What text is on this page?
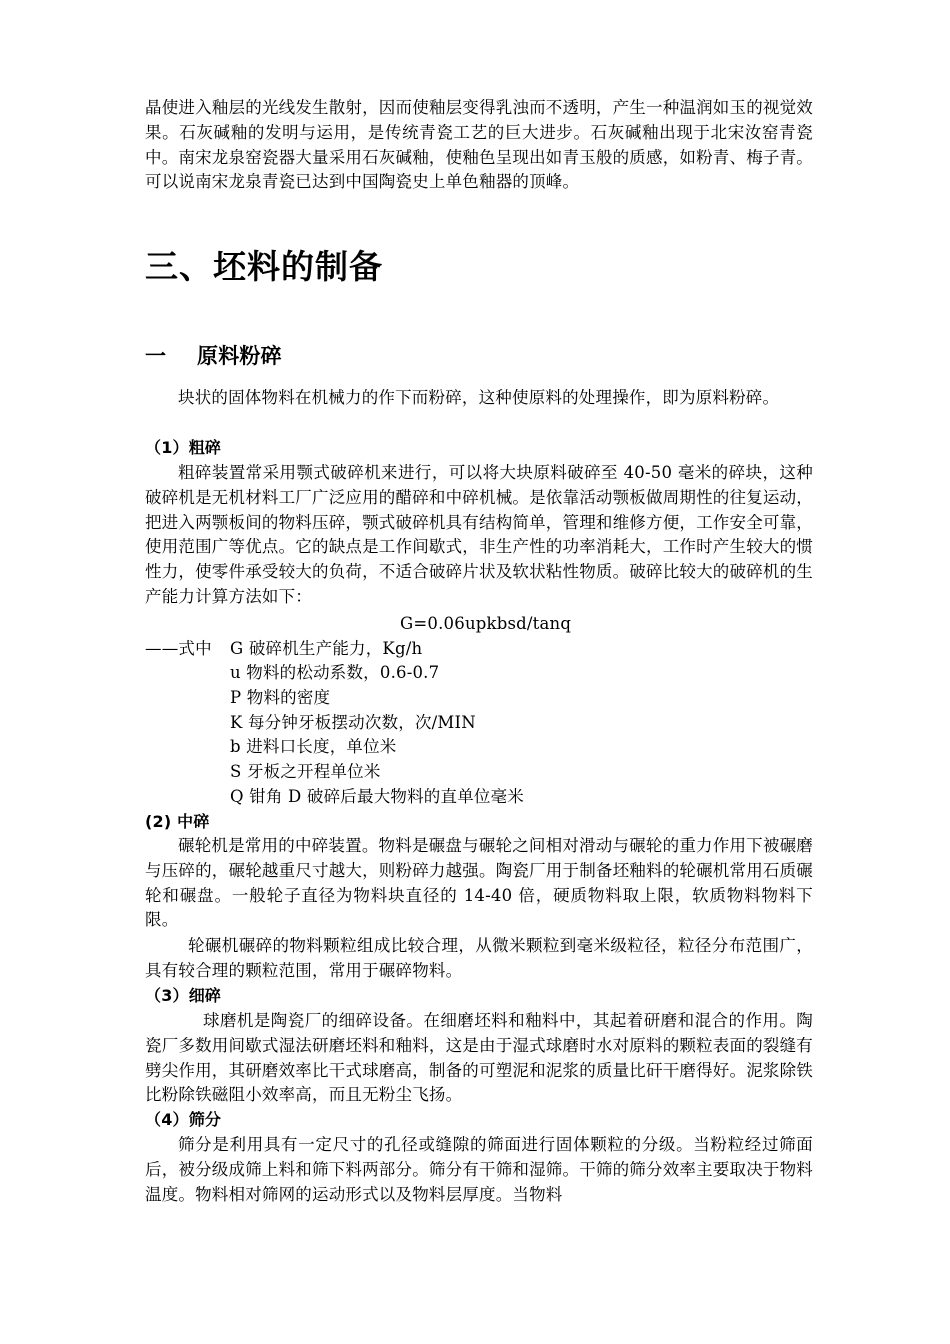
晶使进入釉层的光线发生散射，因而使釉层变得乳浊而不透明，产生一种温润如玉的视觉效果。石灰碱釉的发明与运用，是传统青瓷工艺的巨大进步。石灰碱釉出现于北宋汝窑青瓷中。南宋龙泉窑瓷器大量采用石灰碱釉，使釉色呈现出如青玉般的质感，如粉青、梅子青。可以说南宋龙泉青瓷已达到中国陶瓷史上单色釉器的顶峰。

三、坯料的制备
一 原料粉碎

块状的固体物料在机械力的作下而粉碎，这种使原料的处理操作，即为原料粉碎。

（1）粗碎

粗碎装置常采用颚式破碎机来进行，可以将大块原料破碎至 40-50 毫米的碎块，这种破碎机是无机材料工厂广泛应用的醋碎和中碎机械。是依靠活动颚板做周期性的往复运动，把进入两颚板间的物料压碎，颚式破碎机具有结构简单，管理和维修方便，工作安全可靠，使用范围广等优点。它的缺点是工作间歇式，非生产性的功率消耗大，工作时产生较大的惯性力，使零件承受较大的负荷，不适合破碎片状及软状粘性物质。破碎比较大的破碎机的生产能力计算方法如下：

G=0.06upkbsd/tanq
——式中 G 破碎机生产能力，Kg/h
u 物料的松动系数，0.6-0.7
P 物料的密度
K 每分钟牙板摆动次数，次/MIN
b 进料口长度，单位米
S 牙板之开程单位米
Q 钳角 D 破碎后最大物料的直单位毫米
(2) 中碎

碾轮机是常用的中碎装置。物料是碾盘与碾轮之间相对滑动与碾轮的重力作用下被碾磨与压碎的，碾轮越重尺寸越大，则粉碎力越强。陶瓷厂用于制备坯釉料的轮碾机常用石质碾轮和碾盘。一般轮子直径为物料块直径的 14-40 倍，硬质物料取上限，软质物料物料下限。

轮碾机碾碎的物料颗粒组成比较合理，从微米颗粒到毫米级粒径，粒径分布范围广，具有较合理的颗粒范围，常用于碾碎物料。

（3）细碎

球磨机是陶瓷厂的细碎设备。在细磨坯料和釉料中，其起着研磨和混合的作用。陶瓷厂多数用间歇式湿法研磨坯料和釉料，这是由于湿式球磨时水对原料的颗粒表面的裂缝有劈尖作用，其研磨效率比干式球磨高，制备的可塑泥和泥浆的质量比矸干磨得好。泥浆除铁比粉除铁磁阻小效率高，而且无粉尘飞扬。

（4）筛分

筛分是利用具有一定尺寸的孔径或缝隙的筛面进行固体颗粒的分级。当粉粒经过筛面后，被分级成筛上料和筛下料两部分。筛分有干筛和湿筛。干筛的筛分效率主要取决于物料温度。物料相对筛网的运动形式以及物料层厚度。当物料
